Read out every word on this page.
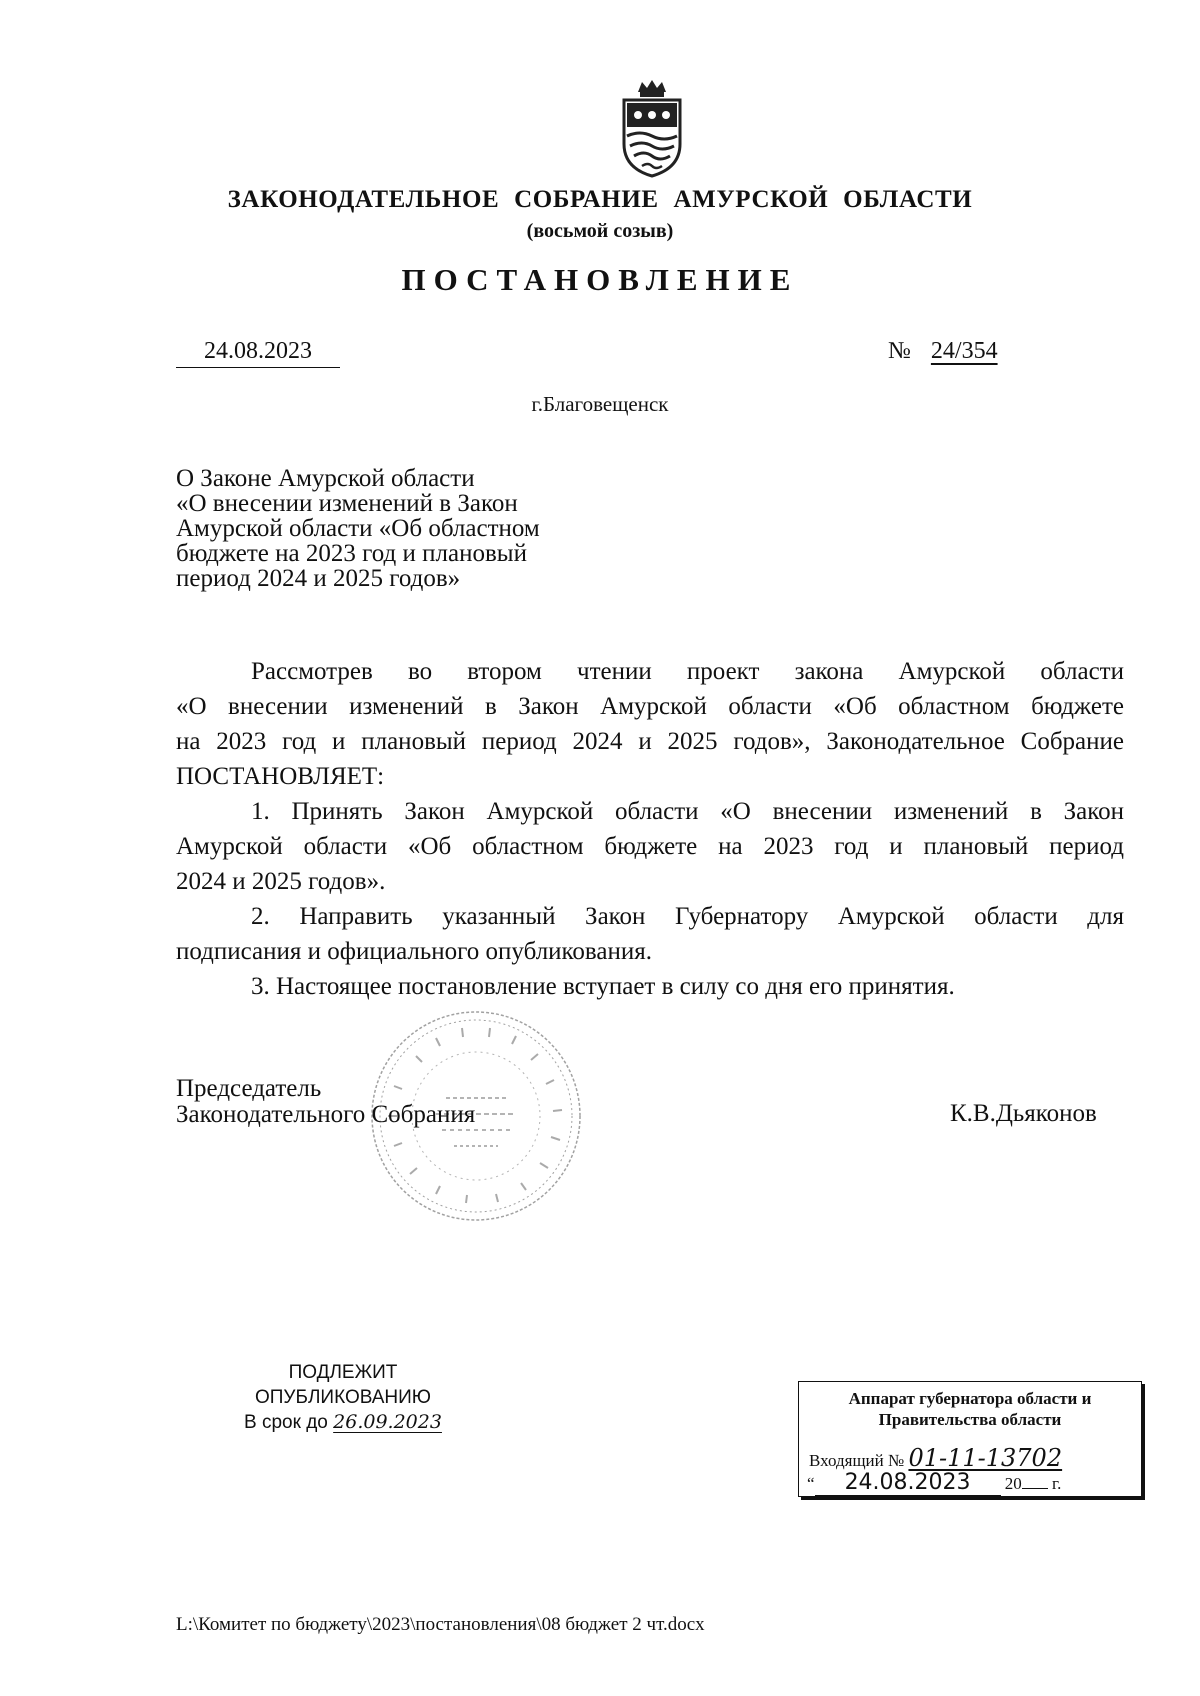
ЗАКОНОДАТЕЛЬНОЕ СОБРАНИЕ АМУРСКОЙ ОБЛАСТИ
(восьмой созыв)
ПОСТАНОВЛЕНИЕ
24.08.2023	№ 24/354
г.Благовещенск
О Законе Амурской области
«О внесении изменений в Закон
Амурской области «Об областном
бюджете на 2023 год и плановый
период 2024 и 2025 годов»

Рассмотрев во втором чтении проект закона Амурской области

«О внесении изменений в Закон Амурской области «Об областном бюджете

на 2023 год и плановый период 2024 и 2025 годов», Законодательное Собрание

ПОСТАНОВЛЯЕТ:

1. Принять Закон Амурской области «О внесении изменений в Закон

Амурской области «Об областном бюджете на 2023 год и плановый период

2024 и 2025 годов».

2. Направить указанный Закон Губернатору Амурской области для

подписания и официального опубликования.

3. Настоящее постановление вступает в силу со дня его принятия.

Председатель
Законодательного Собрания	К.В.Дьяконов
ПОДЛЕЖИТ
ОПУБЛИКОВАНИЮ
В срок до 26.09.2023
Аппарат губернатора области и
Правительства области
Входящий № 01-11-13702
“ 24.08.2023 20 г.
L:\Комитет по бюджету\2023\постановления\08 бюджет 2 чт.docx
